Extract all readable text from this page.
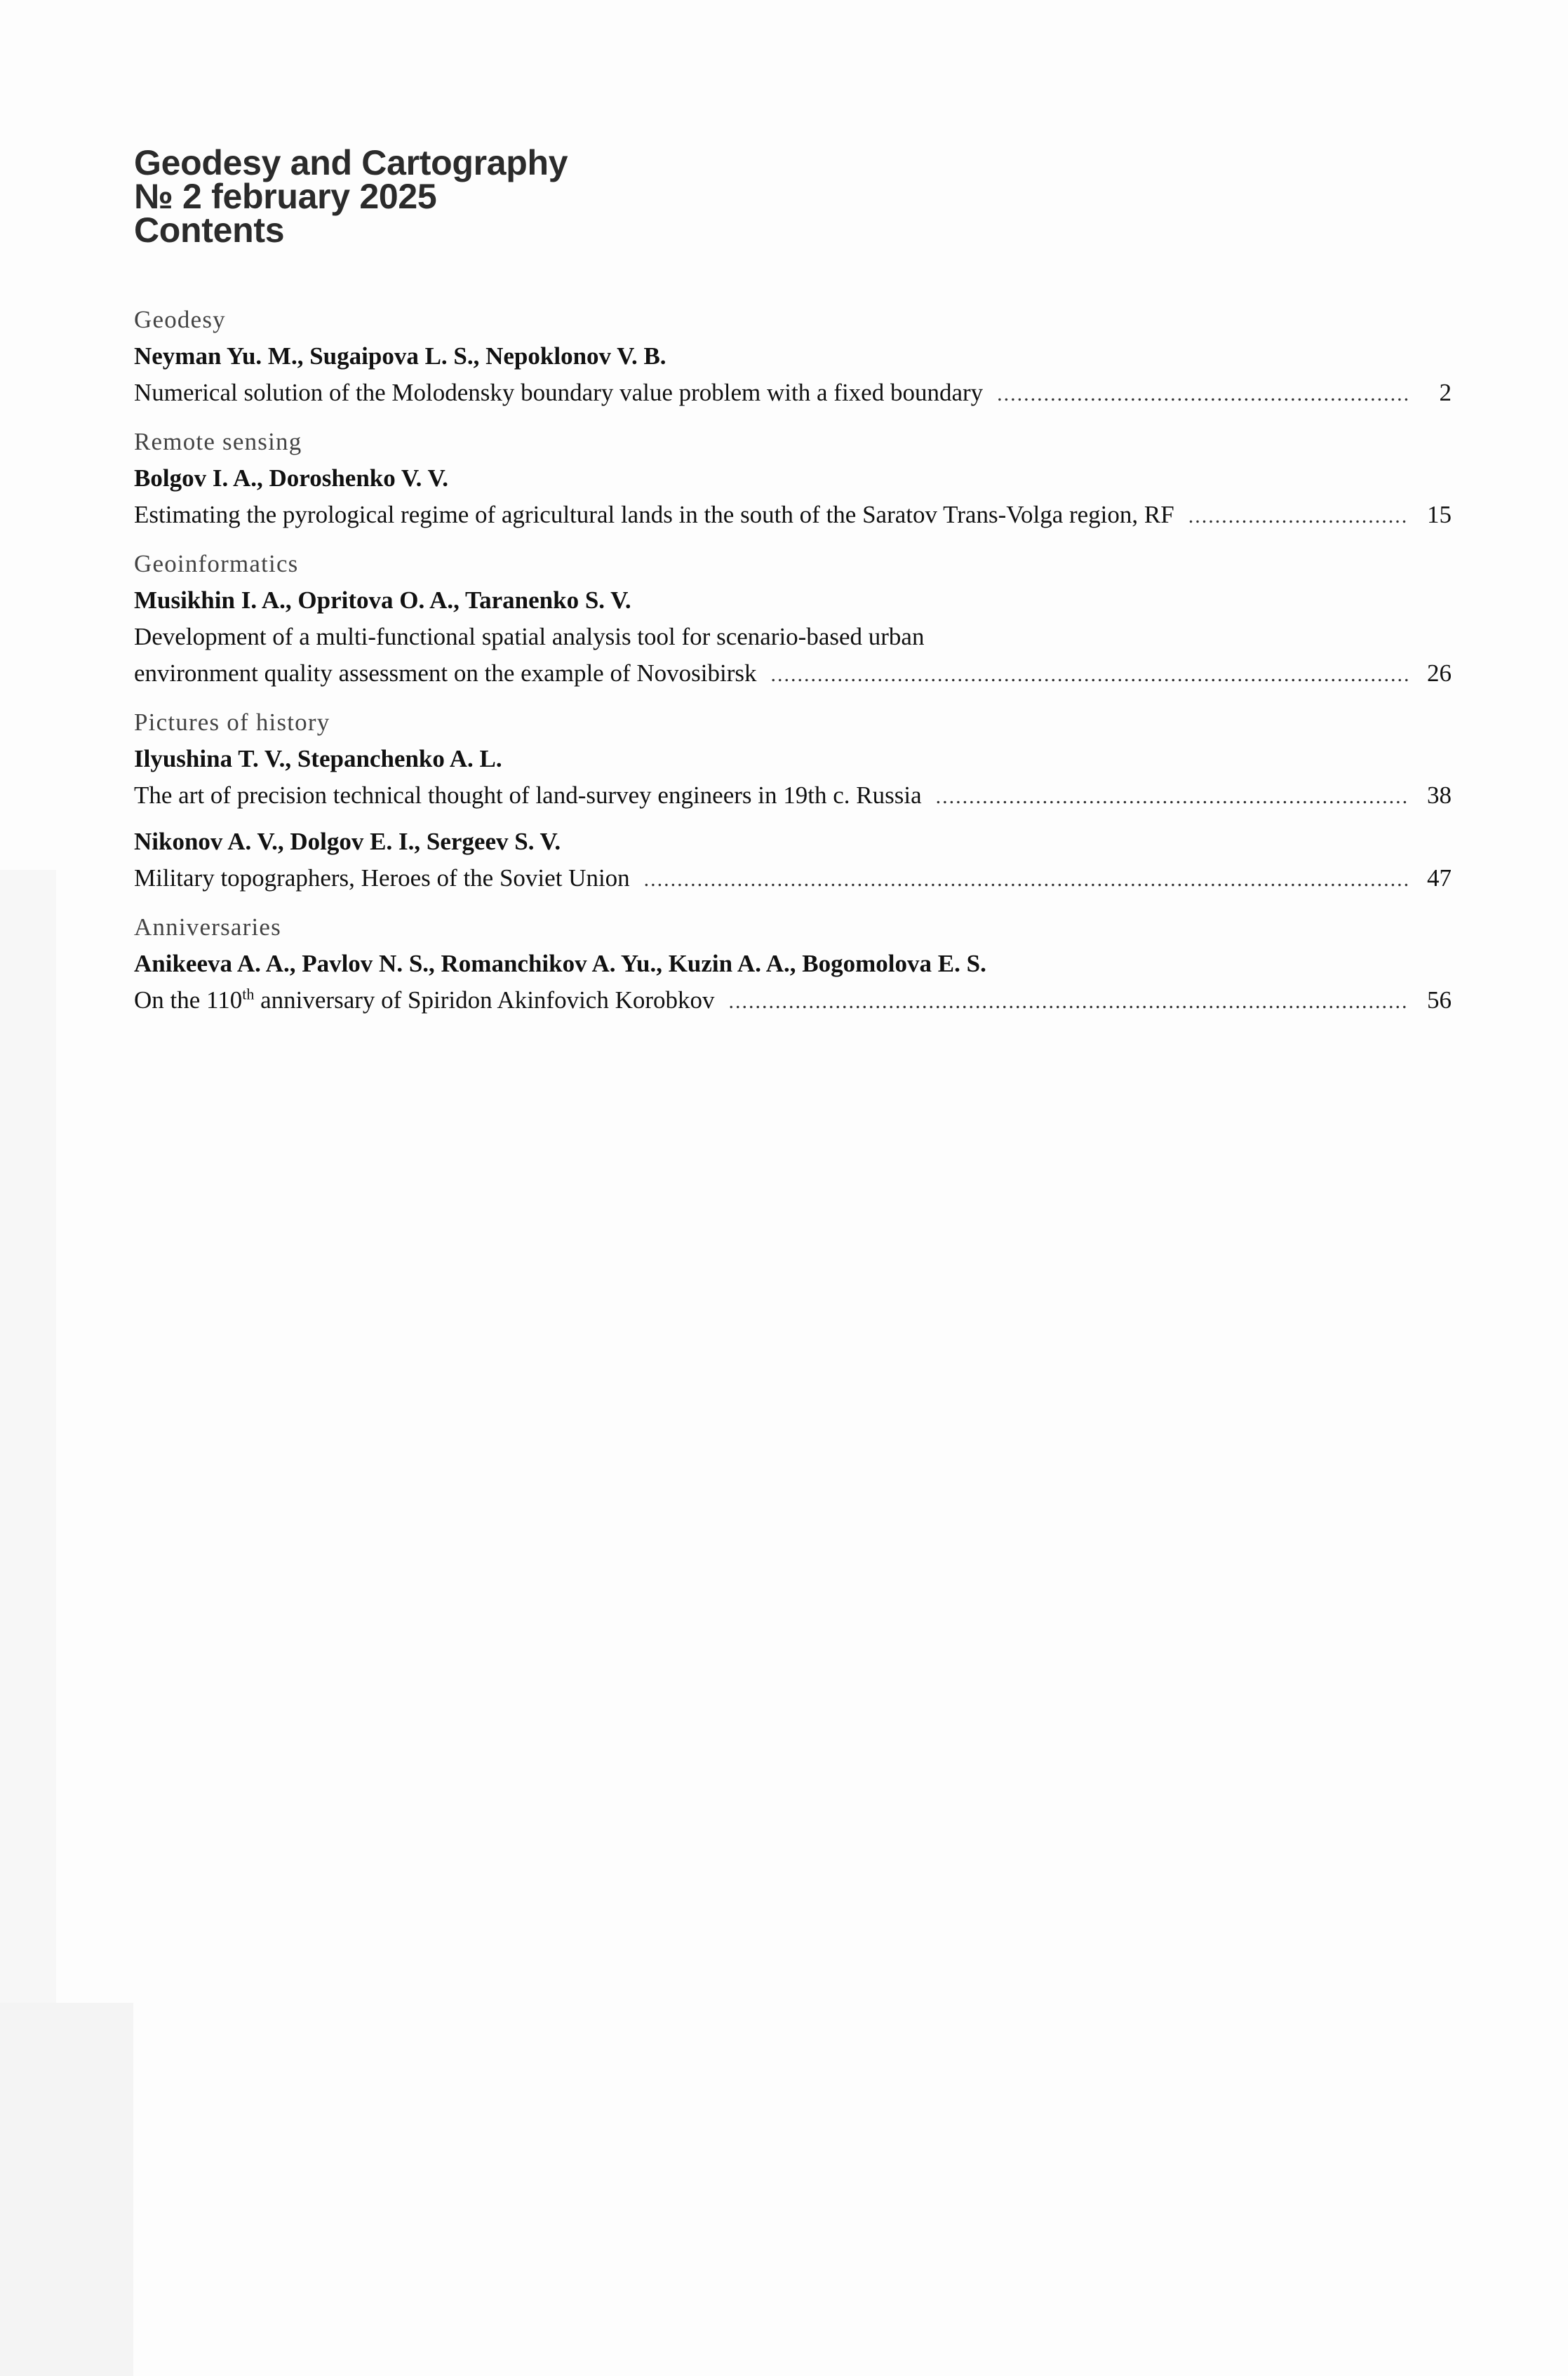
Geodesy and Cartography
№ 2 february 2025
Contents
Geodesy
Neyman Yu. M., Sugaipova L. S., Nepoklonov V. B.
Numerical solution of the Molodensky boundary value problem with a fixed boundary .....	2
Remote sensing
Bolgov I. A., Doroshenko V. V.
Estimating the pyrological regime of agricultural lands in the south of the Saratov Trans-Volga region, RF .....	15
Geoinformatics
Musikhin I. A., Opritova O. A., Taranenko S. V.
Development of a multi-functional spatial analysis tool for scenario-based urban
environment quality assessment on the example of Novosibirsk .....	26
Pictures of history
Ilyushina T. V., Stepanchenko A. L.
The art of precision technical thought of land-survey engineers in 19th c. Russia .....	38
Nikonov A. V., Dolgov E. I., Sergeev S. V.
Military topographers, Heroes of the Soviet Union .....	47
Anniversaries
Anikeeva A. A., Pavlov N. S., Romanchikov A. Yu., Kuzin A. A., Bogomolova E. S.
On the 110th anniversary of Spiridon Akinfovich Korobkov .....	56
